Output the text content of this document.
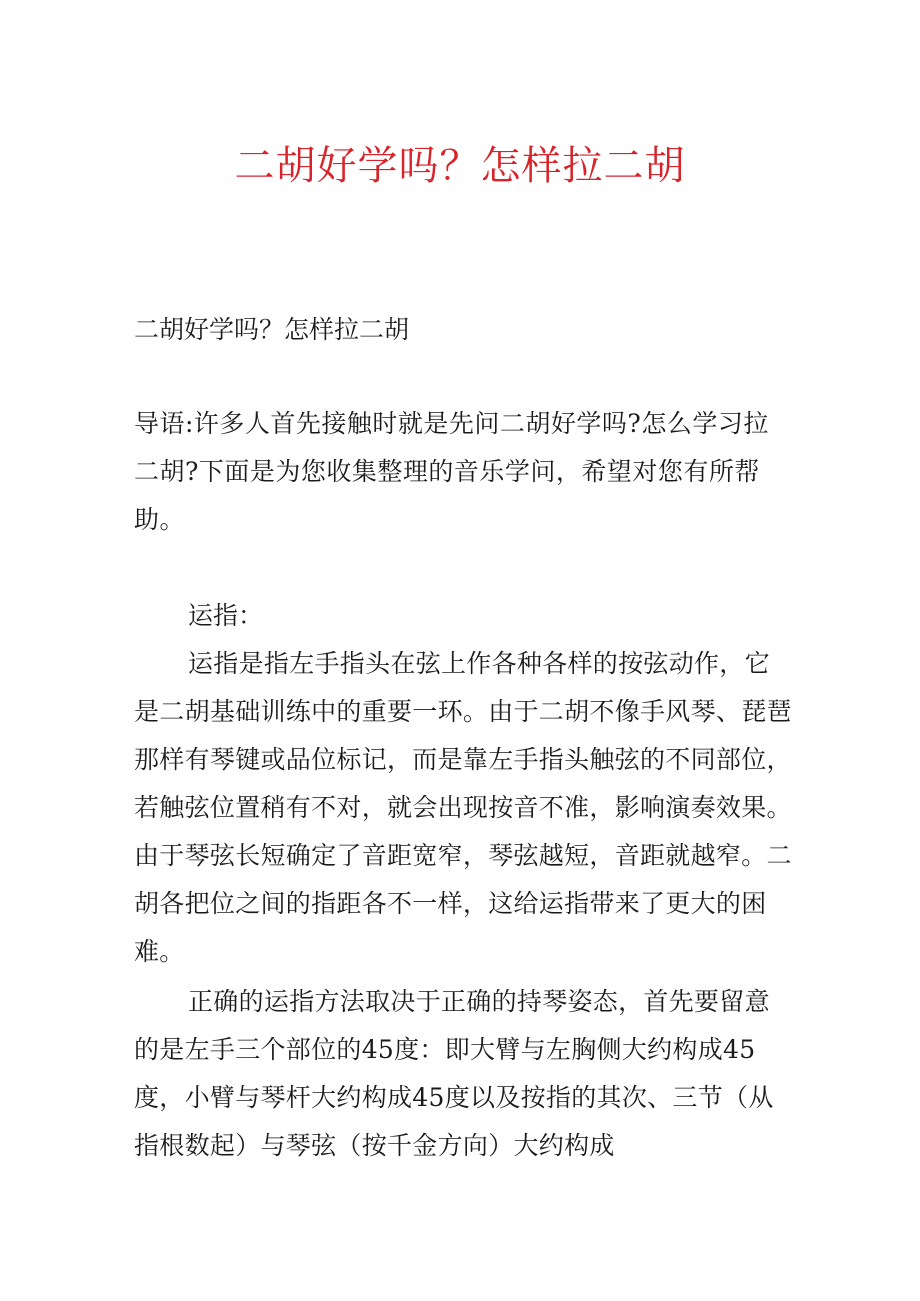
二胡好学吗？怎样拉二胡

二胡好学吗？怎样拉二胡

导语:许多人首先接触时就是先问二胡好学吗?怎么学习拉二胡?下面是为您收集整理的音乐学问，希望对您有所帮助。

运指：

运指是指左手指头在弦上作各种各样的按弦动作，它是二胡基础训练中的重要一环。由于二胡不像手风琴、琵琶那样有琴键或品位标记，而是靠左手指头触弦的不同部位，若触弦位置稍有不对，就会出现按音不准，影响演奏效果。由于琴弦长短确定了音距宽窄，琴弦越短，音距就越窄。二胡各把位之间的指距各不一样，这给运指带来了更大的困难。

正确的运指方法取决于正确的持琴姿态，首先要留意的是左手三个部位的45度：即大臂与左胸侧大约构成45度，小臂与琴杆大约构成45度以及按指的其次、三节（从指根数起）与琴弦（按千金方向）大约构成
